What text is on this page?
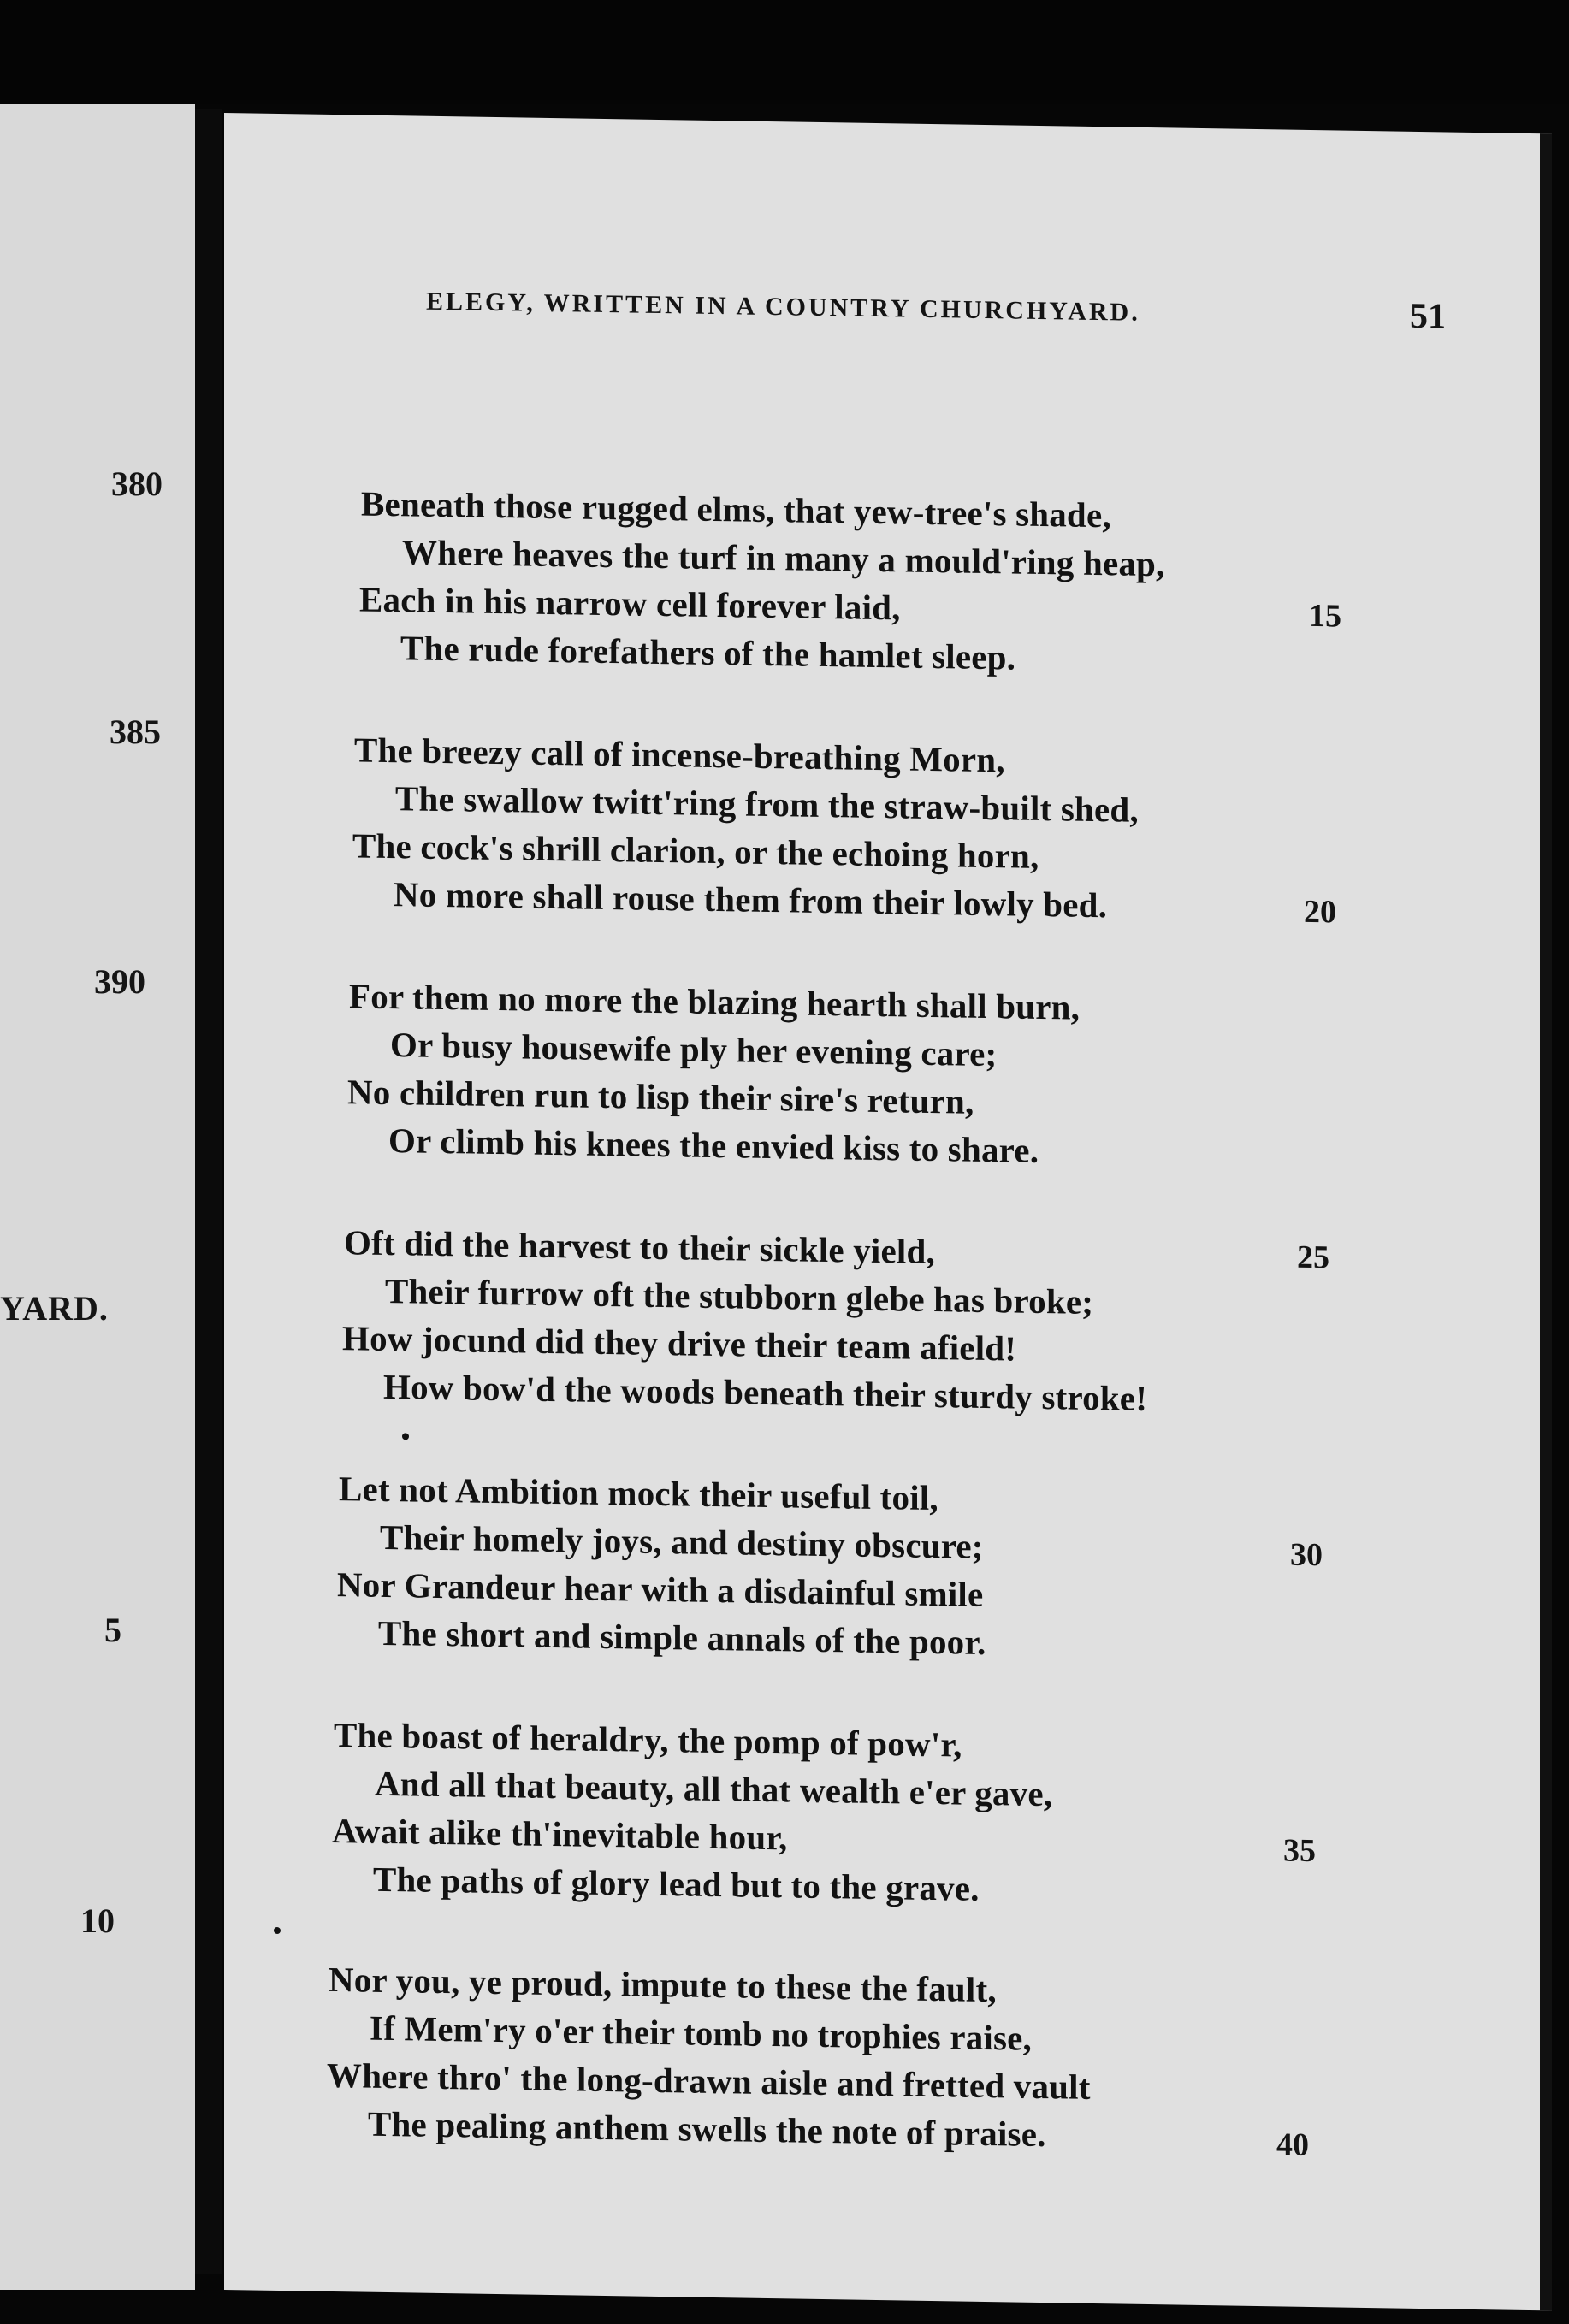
380
385
390
YARD.
5
10
ELEGY, WRITTEN IN A COUNTRY CHURCHYARD.	51
Beneath those rugged elms, that yew-tree's shade,
Where heaves the turf in many a mould'ring heap,
Each in his narrow cell forever laid,	15
The rude forefathers of the hamlet sleep.
The breezy call of incense-breathing Morn,
The swallow twitt'ring from the straw-built shed,
The cock's shrill clarion, or the echoing horn,
No more shall rouse them from their lowly bed.	20
For them no more the blazing hearth shall burn,
Or busy housewife ply her evening care;
No children run to lisp their sire's return,
Or climb his knees the envied kiss to share.
Oft did the harvest to their sickle yield,	25
Their furrow oft the stubborn glebe has broke;
How jocund did they drive their team afield!
How bow'd the woods beneath their sturdy stroke!
Let not Ambition mock their useful toil,
Their homely joys, and destiny obscure;	30
Nor Grandeur hear with a disdainful smile
The short and simple annals of the poor.
The boast of heraldry, the pomp of pow'r,
And all that beauty, all that wealth e'er gave,
Await alike th'inevitable hour,	35
The paths of glory lead but to the grave.
Nor you, ye proud, impute to these the fault,
If Mem'ry o'er their tomb no trophies raise,
Where thro' the long-drawn aisle and fretted vault
The pealing anthem swells the note of praise.	40
